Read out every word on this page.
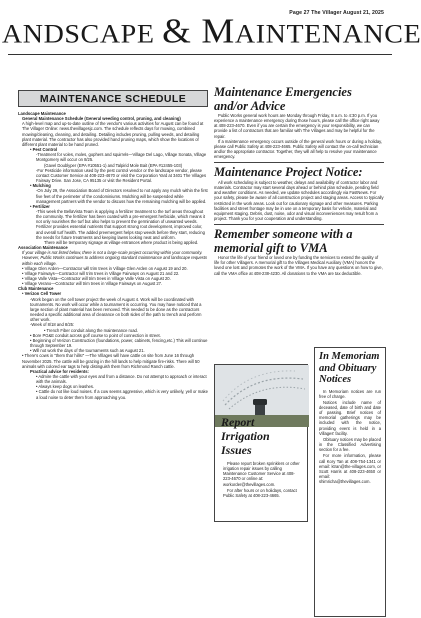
Page 27 The Villager August 21, 2025
ANDSCAPE & MAINTENANCE
MAINTENANCE SCHEDULE

Landscape Maintenance

General Maintenance Schedule (General weeding control, pruning, and cleaning)

A high-level map and up-to-date outline of the vendor's various activities for August can be found at The Villager Online: news.thevillagesjc.com. The schedule reflects days for mowing, combined mowing/cleaning, cleaning, and detailing. Detailing includes pruning, pulling weeds, and detailing plant material. The contractor has also provided hand pruning maps, which show the locations of different plant material to be hand pruned.

• Pest Control

-Treatment for voles, moles, gophers and squirrels—Village Del Lago, Village Sonata, Village Montgomery will occur on 8/25.

(Gavel Doublyper (EPA #10551-1) and Talpirid Mole Bait (EPA #12455-103)

-For Pesticide information used by the pest control vendor or the landscape vendor, please contact Customer Service at 408-223-4670 or visit the Corporation Yard at 3401 The Villages Fairway Drive. San Jose, CA 95135 or visit the Resident Portal.

• Mulching

-On July 29, the Association Board of Directors resolved to not apply any mulch within the first five feet of the perimeter of the condominiums. Mulching will be suspended while management partners with the vendor to discuss how the remaining mulching will be applied.

• Fertilizer

-This week the BellaVista Team is applying a fertilizer treatment to the turf areas throughout the community. The fertilizer has been coated with a pre-emergent herbicide, which means it not only nourishes the turf but also helps to prevent the germination of unwanted weeds. Fertilizer provides essential nutrients that support strong root development, improved color, and overall turf health. The added preemergent helps stop weeds before they start, reducing the needs for future treatments and keeping lawns looking neat and uniform.

There will be temporary signage at village entrances where product is being applied.

Association Maintenance

If your village is not listed below, there is not a large-scale project occurring within your community. However, Public Works continues to address ongoing standard maintenance and landscape requests within each village.

• Village Glen Arden—Contractor will trim trees in Village Glen Arden on August 19 and 20.

• Village Fairways—Contractor will trim trees in Village Fairways on August 21 and 22.

• Village Valle Vista—Contractor will trim trees in Village Valle Vista on August 20.

• Village Verano—Contractor will trim trees in Village Fairways on August 27.

Club Maintenance

• Verizon Cell Tower

-Work began on the cell tower project the week of August 4. Work will be coordinated with tournaments. No work will occur while a tournament is occurring. You may have noticed that a large section of plant material has been removed. This needed to be done as the contractors needed a specific additional area of clearance on both sides of the path to trench and perform other work.

-Week of 8/18 and 8/25:

• Trench Fiber conduit along the maintenance road.

• Bore PG&E conduit across golf course to point of connection in street.

• Beginning of Verizon Construction (foundations, power, cabinets, fencing,etc.) This will continue through September 19.

• Will not work the days of the tournaments such as August 21.

• There's cows in "them thar hills!" —The Villages will have cattle on site from June 16 through November 2025. The cattle will be grazing in the hill lands to help mitigate fire-risks. There will 50 animals with colored ear tags to help distinguish them from Richmond Ranch cattle.

Practical advice for residents:

• Admire the cattle with your eyes and from a distance. Do not attempt to approach or interact with the animals.

• Always keep dogs on leashes.

• Cattle do not like loud noises. If a cow seems aggressive, which is very unlikely, yell or make a loud noise to deter them from approaching you.

Maintenance Emergencies and/or Advice

Public Works general work hours are Monday through Friday, 8 a.m. to 4:30 p.m. If you experience a maintenance emergency during those hours, please call the office right away at 408-223-4670. Even if you are certain the emergency is your responsibility, we can provide a list of contractors that are familiar with The Villages and may be helpful for the repair.

If a maintenance emergency occurs outside of the general work hours or during a holiday, please call Public Safety at 408-223-4665. Public Safety will contact the on-call technician and/or the appropriate contractor. Together, they will all help to resolve your maintenance emergency.

Maintenance Project Notice:

All work scheduling is subject to weather, delays and availability of contractor labor and materials. Contractor may start several days ahead or behind plan schedule, pending field and weather conditions. As needed, we update schedules accordingly via FastNews. For your safety, please be aware of all construction project and staging areas. Access to typically restricted in the work areas. Look out for cautionary signage and other measures. Parking facilities and street frontage may be in use on a temporary basis for vehicle, material and equipment staging. Debris, dust, noise, odor and visual inconveniences may result from a project. Thank you for your cooperation and understanding.

Remember someone with a memorial gift to VMA

Honor the life of your friend or loved one by funding the services to extend the quality of life for other Villagers. A memorial gift to the Villages Medical Auxiliary (VMA) honors the loved one lost and promotes the work of the VMA. If you have any questions on how to give, call the VMA office at 408-238-4230. All donations to the VMA are tax deductible.

Report
Irrigation
Issues

Please report broken sprinklers or other irrigation repair issues by calling Maintenance Customer Service at 408-223-4670 or online at: workorder@thevillages.com.

For after hours or on holidays, contact Public Safety at 408-223-4665.

In Memoriam and Obituary Notices

In Memoriam notices are run free of charge.

Notices include name of deceased, date of birth and date of passing. Brief notices of memorial gatherings may be included with the notice, providing event is held in a Villages' facility.

Obituary notices may be placed in the Classified Advertising section for a fee.

For more information, please call Kory Tan at 408-754-1341 or email: ktran@the-villages.com, or Scott Harris at 408-223-4650 or email: shimricha@thevillages.com.
